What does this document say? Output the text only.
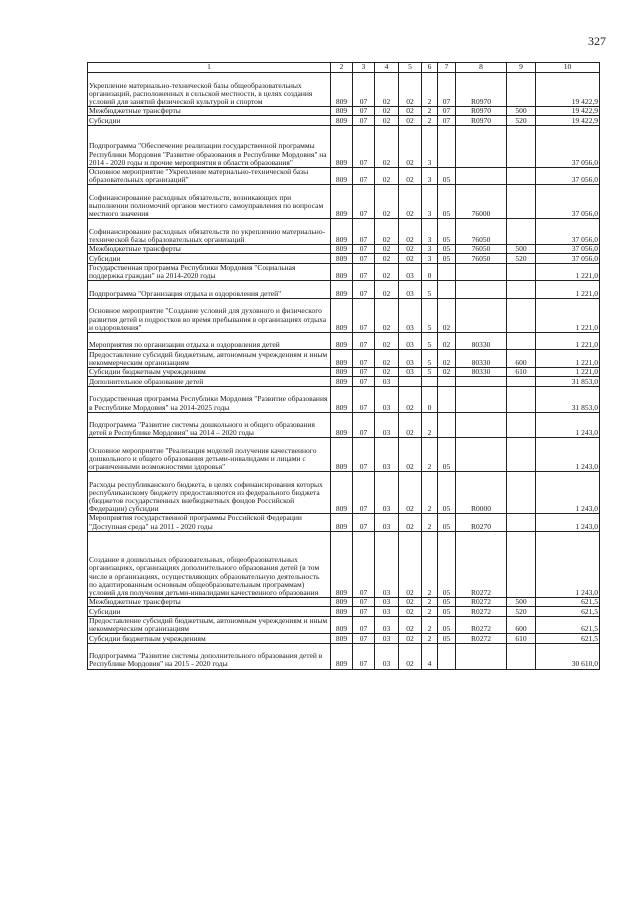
327
1	2	3	4	5	6	7	8	9	10
Укрепление материально-технической базы общеобразовательных организаций, расположенных в сельской местности, в целях создания условий для занятий физической культурой и спортом	809	07	02	02	2	07	R0970		19 422,9
Межбюджетные трансферты	809	07	02	02	2	07	R0970	500	19 422,9
Субсидии	809	07	02	02	2	07	R0970	520	19 422,9
Подпрограмма "Обеспечение реализации государственной программы Республики Мордовия "Развитие образования в Республике Мордовия" на 2014 - 2020 годы и прочие мероприятия в области образования"	809	07	02	02	3				37 056,0
Основное мероприятие "Укрепление материально-технической базы образовательных организаций"	809	07	02	02	3	05			37 056,0
Софинансирование расходных обязательств, возникающих при выполнении полномочий органов местного самоуправления по вопросам местного значения	809	07	02	02	3	05	76000		37 056,0
Софинансирование расходных обязательств по укреплению материально-технической базы образовательных организаций	809	07	02	02	3	05	76050		37 056,0
Межбюджетные трансферты	809	07	02	02	3	05	76050	500	37 056,0
Субсидии	809	07	02	02	3	05	76050	520	37 056,0
Государственная программа Республики Мордовия "Социальная поддержка граждан" на 2014-2020 годы	809	07	02	03	0				1 221,0
Подпрограмма "Организация отдыха и оздоровления детей"	809	07	02	03	5				1 221,0
Основное мероприятие "Создание условий для духовного и физического развития детей и подростков во время пребывания в организациях отдыха и оздоровления"	809	07	02	03	5	02			1 221,0
Мероприятия по организации отдыха и оздоровления детей	809	07	02	03	5	02	80330		1 221,0
Предоставление субсидий бюджетным, автономным учреждениям и иным некоммерческим организациям	809	07	02	03	5	02	80330	600	1 221,0
Субсидии бюджетным учреждениям	809	07	02	03	5	02	80330	610	1 221,0
Дополнительное образование детей	809	07	03						31 853,0
Государственная программа Республики Мордовия "Развитие образования в Республике Мордовия" на 2014-2025 годы	809	07	03	02	0				31 853,0
Подпрограмма "Развитие системы дошкольного и общего образования детей в Республике Мордовия" на 2014 – 2020 годы	809	07	03	02	2				1 243,0
Основное мероприятие "Реализация моделей получения качественного дошкольного и общего образования детьми-инвалидами и лицами с ограниченными возможностями здоровья"	809	07	03	02	2	05			1 243,0
Расходы республиканского бюджета, в целях софинансирования которых республиканскому бюджету предоставляются из федерального бюджета (бюджетов государственных внебюджетных фондов Российской Федерации) субсидии	809	07	03	02	2	05	R0000		1 243,0
Мероприятия государственной программы Российской Федерации "Доступная среда" на 2011 - 2020 годы	809	07	03	02	2	05	R0270		1 243,0
Создание в дошкольных образовательных, общеобразовательных организациях, организациях дополнительного образования детей (в том числе в организациях, осуществляющих образовательную деятельность по адаптированным основным общеобразовательным программам) условий для получения детьми-инвалидами качественного образования	809	07	03	02	2	05	R0272		1 243,0
Межбюджетные трансферты	809	07	03	02	2	05	R0272	500	621,5
Субсидии	809	07	03	02	2	05	R0272	520	621,5
Предоставление субсидий бюджетным, автономным учреждениям и иным некоммерческим организациям	809	07	03	02	2	05	R0272	600	621,5
Субсидии бюджетным учреждениям	809	07	03	02	2	05	R0272	610	621,5
Подпрограмма "Развитие системы дополнительного образования детей в Республике Мордовия" на 2015 - 2020 годы	809	07	03	02	4				30 610,0
